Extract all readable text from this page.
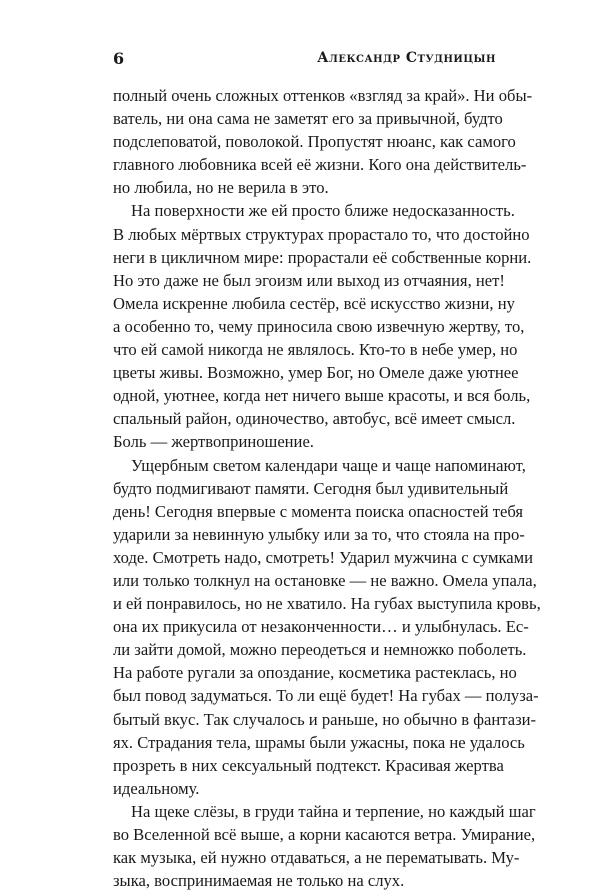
6	Александр Студницын
полный очень сложных оттенков «взгляд за край». Ни обы-
ватель, ни она сама не заметят его за привычной, будто
подслеповатой, поволокой. Пропустят нюанс, как самого
главного любовника всей её жизни. Кого она действитель-
но любила, но не верила в это.
На поверхности же ей просто ближе недосказанность.
В любых мёртвых структурах прорастало то, что достойно
неги в цикличном мире: прорастали её собственные корни.
Но это даже не был эгоизм или выход из отчаяния, нет!
Омела искренне любила сестёр, всё искусство жизни, ну
а особенно то, чему приносила свою извечную жертву, то,
что ей самой никогда не являлось. Кто-то в небе умер, но
цветы живы. Возможно, умер Бог, но Омеле даже уютнее
одной, уютнее, когда нет ничего выше красоты, и вся боль,
спальный район, одиночество, автобус, всё имеет смысл.
Боль — жертвоприношение.
Ущербным светом календари чаще и чаще напоминают,
будто подмигивают памяти. Сегодня был удивительный
день! Сегодня впервые с момента поиска опасностей тебя
ударили за невинную улыбку или за то, что стояла на про-
ходе. Смотреть надо, смотреть! Ударил мужчина с сумками
или только толкнул на остановке — не важно. Омела упала,
и ей понравилось, но не хватило. На губах выступила кровь,
она их прикусила от незаконченности… и улыбнулась. Ес-
ли зайти домой, можно переодеться и немножко поболеть.
На работе ругали за опоздание, косметика растеклась, но
был повод задуматься. То ли ещё будет! На губах — полуза-
бытый вкус. Так случалось и раньше, но обычно в фантази-
ях. Страдания тела, шрамы были ужасны, пока не удалось
прозреть в них сексуальный подтекст. Красивая жертва
идеальному.
На щеке слёзы, в груди тайна и терпение, но каждый шаг
во Вселенной всё выше, а корни касаются ветра. Умирание,
как музыка, ей нужно отдаваться, а не перематывать. Му-
зыка, воспринимаемая не только на слух.
